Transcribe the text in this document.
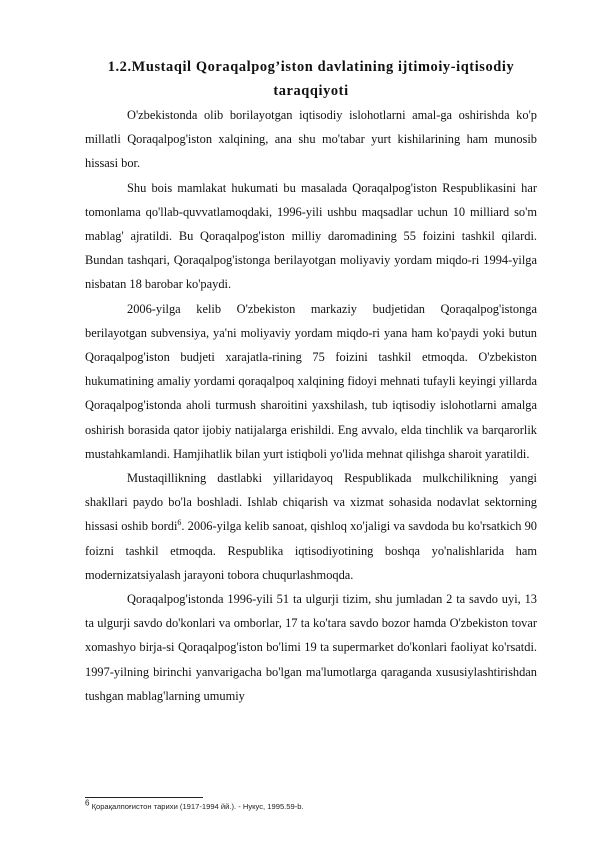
1.2.Mustaqil Qoraqalpog’iston davlatining ijtimoiy-iqtisodiy
taraqqiyoti

O'zbekistonda olib borilayotgan iqtisodiy islohotlarni amal-ga oshirishda ko'p millatli Qoraqalpog'iston xalqining, ana shu mo'tabar yurt kishilarining ham munosib hissasi bor.

Shu bois mamlakat hukumati bu masalada Qoraqalpog'iston Respublikasini har tomonlama qo'llab-quvvatlamoqdaki, 1996-yili ushbu maqsadlar uchun 10 milliard so'm mablag' ajratildi. Bu Qoraqalpog'iston milliy daromadining 55 foizini tashkil qilardi. Bundan tashqari, Qoraqalpog'istonga berilayotgan moliyaviy yordam miqdo-ri 1994-yilga nisbatan 18 barobar ko'paydi.

2006-yilga kelib O'zbekiston markaziy budjetidan Qoraqalpog'istonga berilayotgan subvensiya, ya'ni moliyaviy yordam miqdo-ri yana ham ko'paydi yoki butun Qoraqalpog'iston budjeti xarajatla-rining 75 foizini tashkil etmoqda. O'zbekiston hukumatining amaliy yordami qoraqalpoq xalqining fidoyi mehnati tufayli keyingi yillarda Qoraqalpog'istonda aholi turmush sharoitini yaxshilash, tub iqtisodiy islohotlarni amalga oshirish borasida qator ijobiy natijalarga erishildi. Eng avvalo, elda tinchlik va barqarorlik mustahkamlandi. Hamjihatlik bilan yurt istiqboli yo'lida mehnat qilishga sharoit yaratildi.

Mustaqillikning dastlabki yillaridayoq Respublikada mulkchilikning yangi shakllari paydo bo'la boshladi. Ishlab chiqarish va xizmat sohasida nodavlat sektorning hissasi oshib bordi$^6$. 2006-yilga kelib sanoat, qishloq xo'jaligi va savdoda bu ko'rsatkich 90 foizni tashkil etmoqda. Respublika iqtisodiyotining boshqa yo'nalishlarida ham modernizatsiyalash jarayoni tobora chuqurlashmoqda.

Qoraqalpog'istonda 1996-yili 51 ta ulgurji tizim, shu jumladan 2 ta savdo uyi, 13 ta ulgurji savdo do'konlari va omborlar, 17 ta ko'tara savdo bozor hamda O'zbekiston tovar xomashyo birja-si Qoraqalpog'iston bo'limi 19 ta supermarket do'konlari faoliyat ko'rsatdi. 1997-yilning birinchi yanvarigacha bo'lgan ma'lumotlarga qaraganda xususiylashtirishdan tushgan mablag'larning umumiy

$^6$ Қорақалпоғистон тарихи (1917-1994 йй.). - Нукус, 1995.59-b.
